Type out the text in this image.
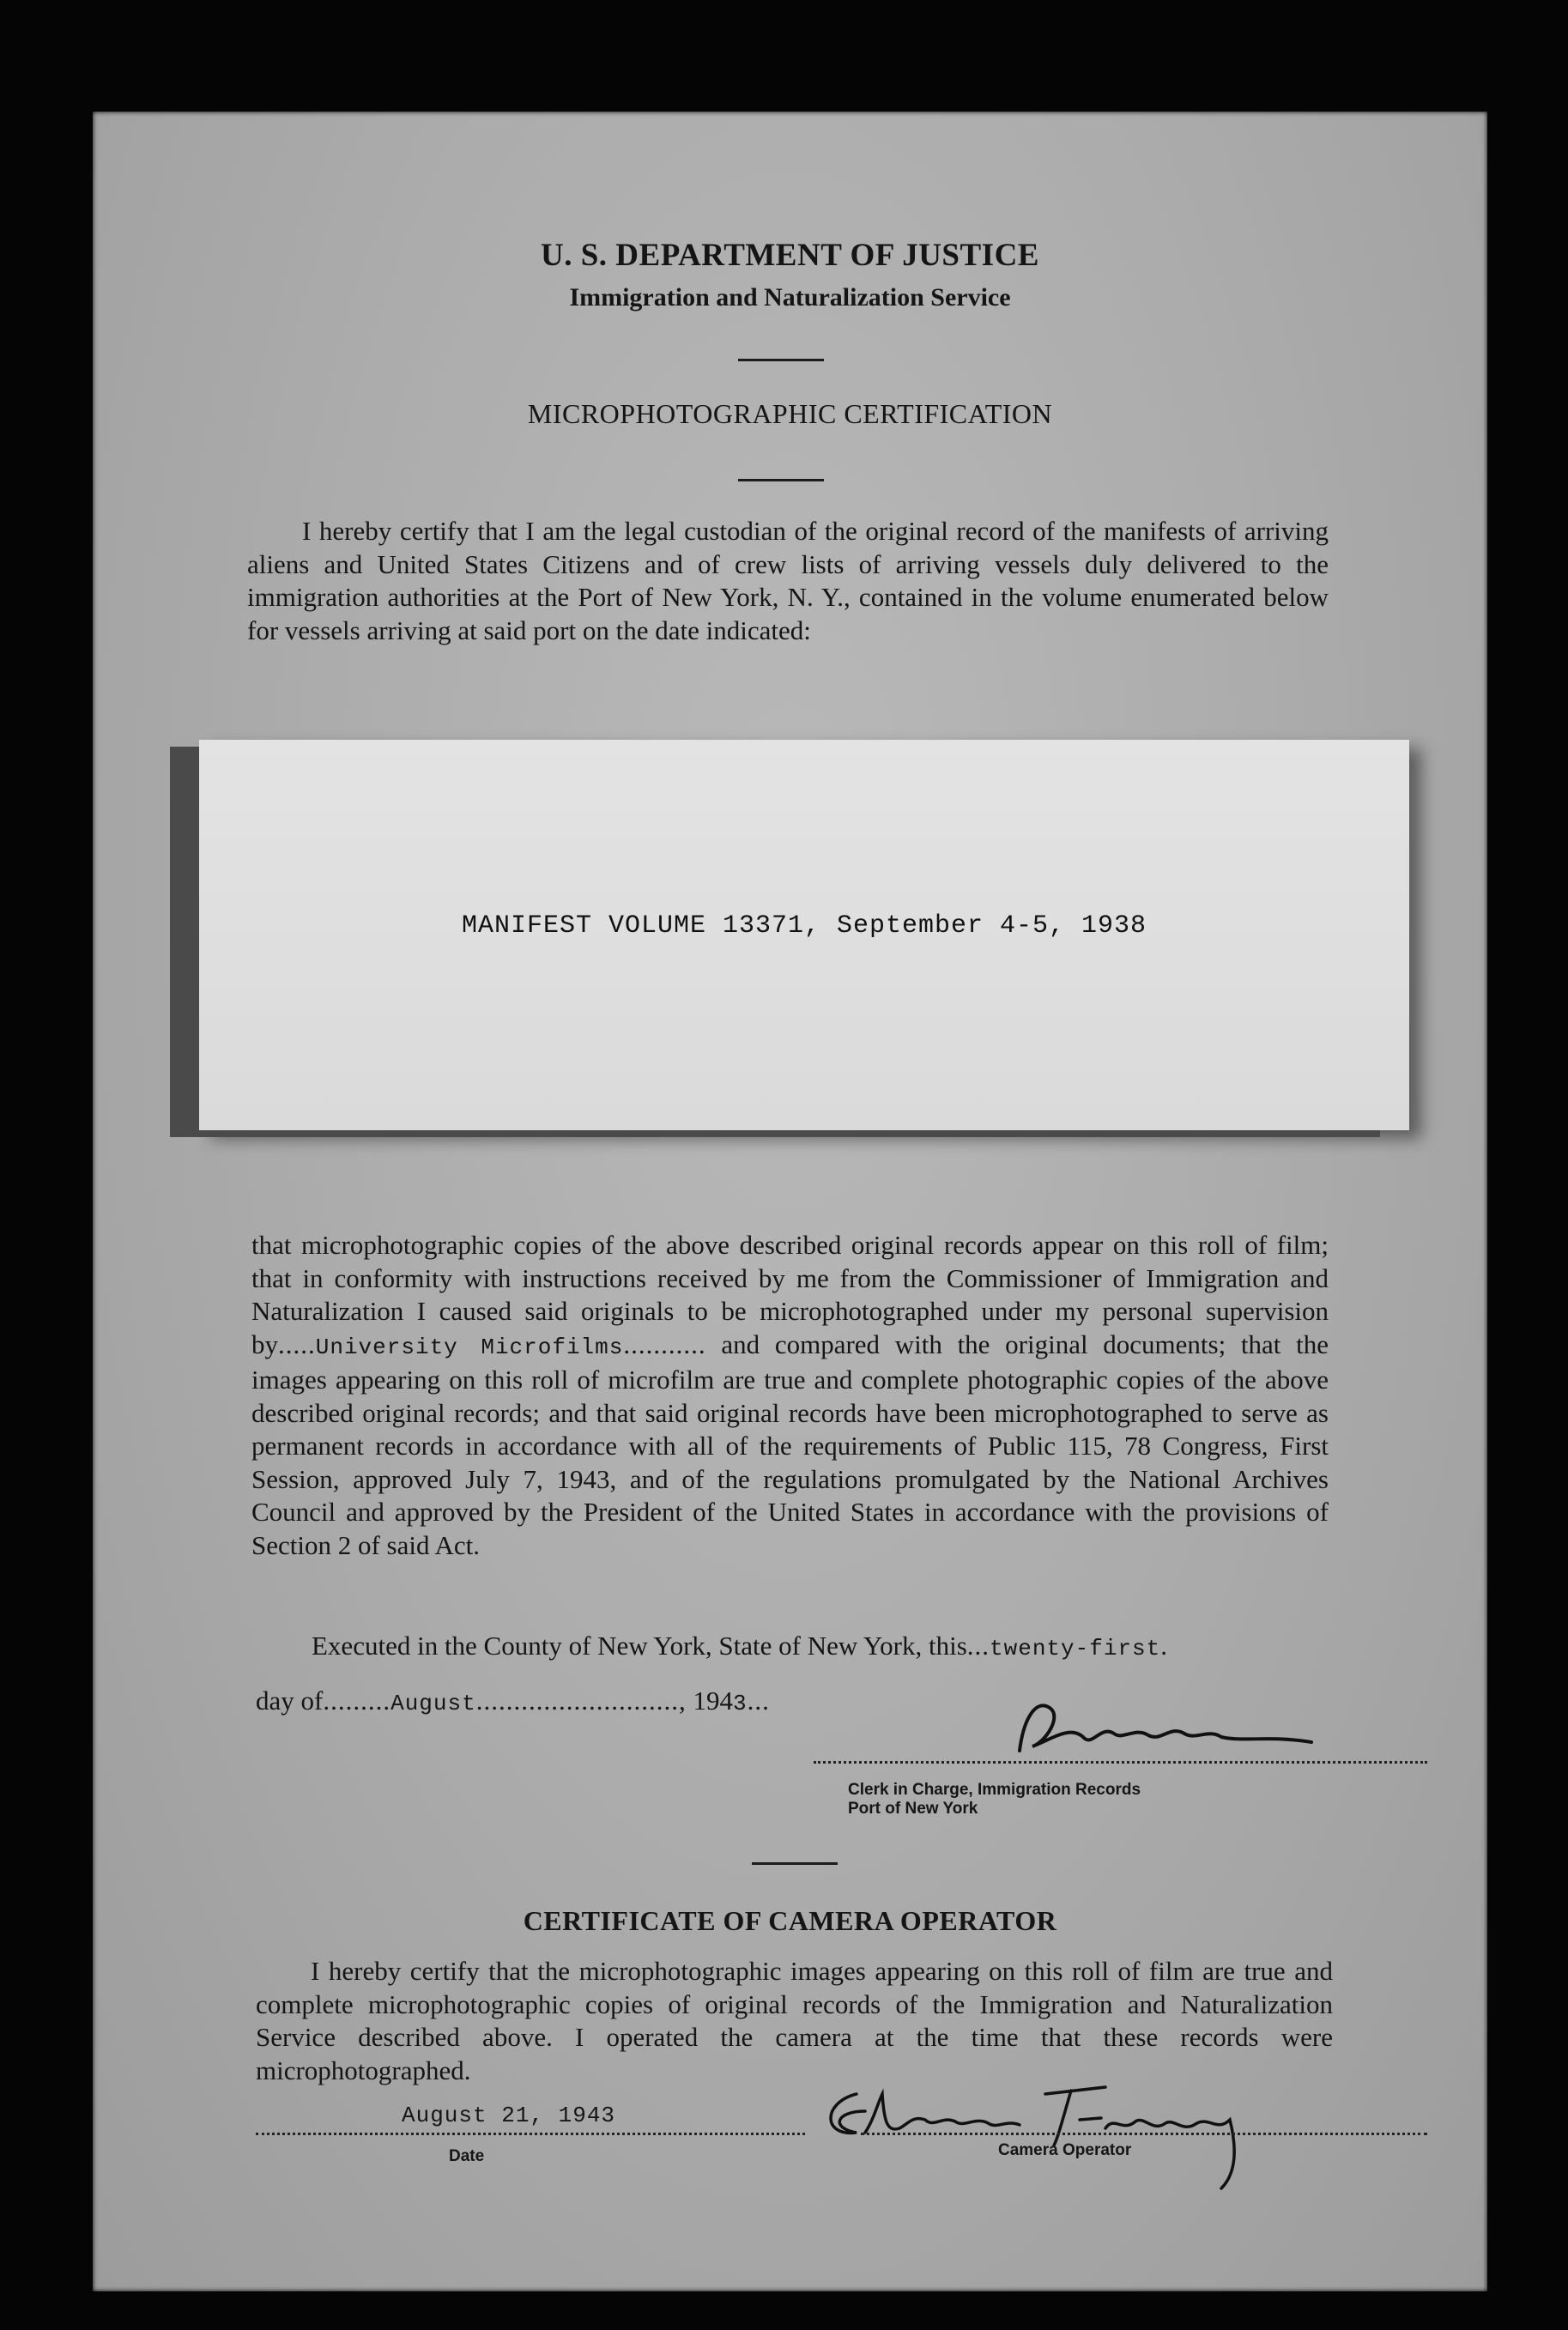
U. S. DEPARTMENT OF JUSTICE
Immigration and Naturalization Service
MICROPHOTOGRAPHIC CERTIFICATION
I hereby certify that I am the legal custodian of the original record of the manifests of arriving aliens and United States Citizens and of crew lists of arriving vessels duly delivered to the immigration authorities at the Port of New York, N. Y., contained in the volume enumerated below for vessels arriving at said port on the date indicated:
MANIFEST VOLUME 13371, September 4-5, 1938
that microphotographic copies of the above described original records appear on this roll of film; that in conformity with instructions received by me from the Commissioner of Immigration and Naturalization I caused said originals to be microphotographed under my personal supervision by.....University Microfilms........... and compared with the original documents; that the images appearing on this roll of microfilm are true and complete photographic copies of the above described original records; and that said original records have been microphotographed to serve as permanent records in accordance with all of the requirements of Public 115, 78 Congress, First Session, approved July 7, 1943, and of the regulations promulgated by the National Archives Council and approved by the President of the United States in accordance with the provisions of Section 2 of said Act.
Executed in the County of New York, State of New York, this...twenty-first.
day of.........August..........................., 1943...
Clerk in Charge, Immigration Records
Port of New York
CERTIFICATE OF CAMERA OPERATOR
I hereby certify that the microphotographic images appearing on this roll of film are true and complete microphotographic copies of original records of the Immigration and Naturalization Service described above. I operated the camera at the time that these records were microphotographed.
August 21, 1943
Date	Camera Operator
